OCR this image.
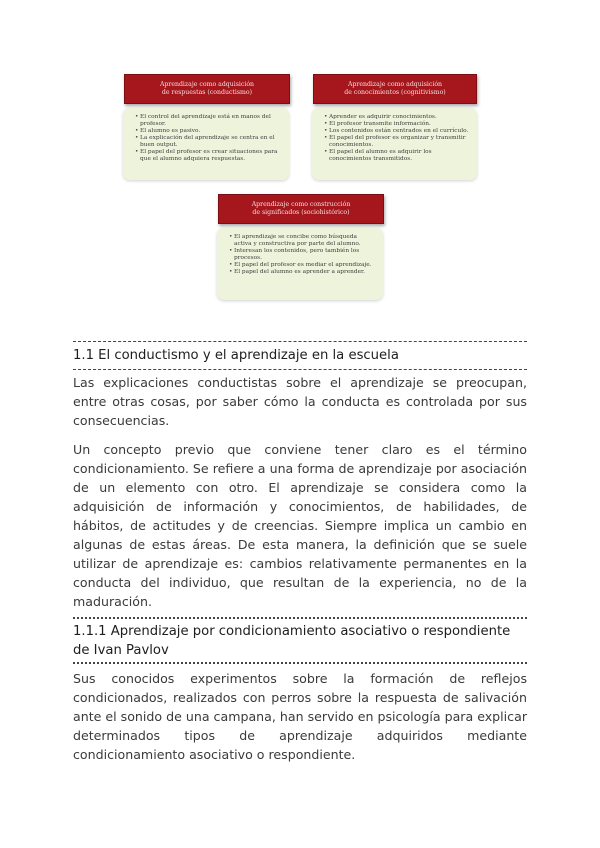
Aprendizaje como adquisición
de respuestas (conductismo)
• El control del aprendizaje está en manos del profesor.
• El alumno es pasivo.
• La explicación del aprendizaje se centra en el buen output.
• El papel del profesor es crear situaciones para que el alumno adquiera respuestas.
Aprendizaje como adquisición
de conocimientos (cognitivismo)
• Aprender es adquirir conocimientos.
• El profesor transmite información.
• Los contenidos están centrados en el currículo.
• El papel del profesor es organizar y transmitir conocimientos.
• El papel del alumno es adquirir los conocimientos transmitidos.
Aprendizaje como construcción
de significados (sociohistórico)
• El aprendizaje se concibe como búsqueda activa y constructiva por parte del alumno.
• Interesan los contenidos, pero también los procesos.
• El papel del profesor es mediar el aprendizaje.
• El papel del alumno es aprender a aprender.
1.1 El conductismo y el aprendizaje en la escuela
Las explicaciones conductistas sobre el aprendizaje se preocupan, entre otras cosas, por saber cómo la conducta es controlada por sus consecuencias.
Un concepto previo que conviene tener claro es el término condicionamiento. Se refiere a una forma de aprendizaje por asociación de un elemento con otro. El aprendizaje se considera como la adquisición de información y conocimientos, de habilidades, de hábitos, de actitudes y de creencias. Siempre implica un cambio en algunas de estas áreas. De esta manera, la definición que se suele utilizar de aprendizaje es: cambios relativamente permanentes en la conducta del individuo, que resultan de la experiencia, no de la maduración.
1.1.1 Aprendizaje por condicionamiento asociativo o respondiente de Ivan Pavlov
Sus conocidos experimentos sobre la formación de reflejos condicionados, realizados con perros sobre la respuesta de salivación ante el sonido de una campana, han servido en psicología para explicar determinados tipos de aprendizaje adquiridos mediante condicionamiento asociativo o respondiente.
